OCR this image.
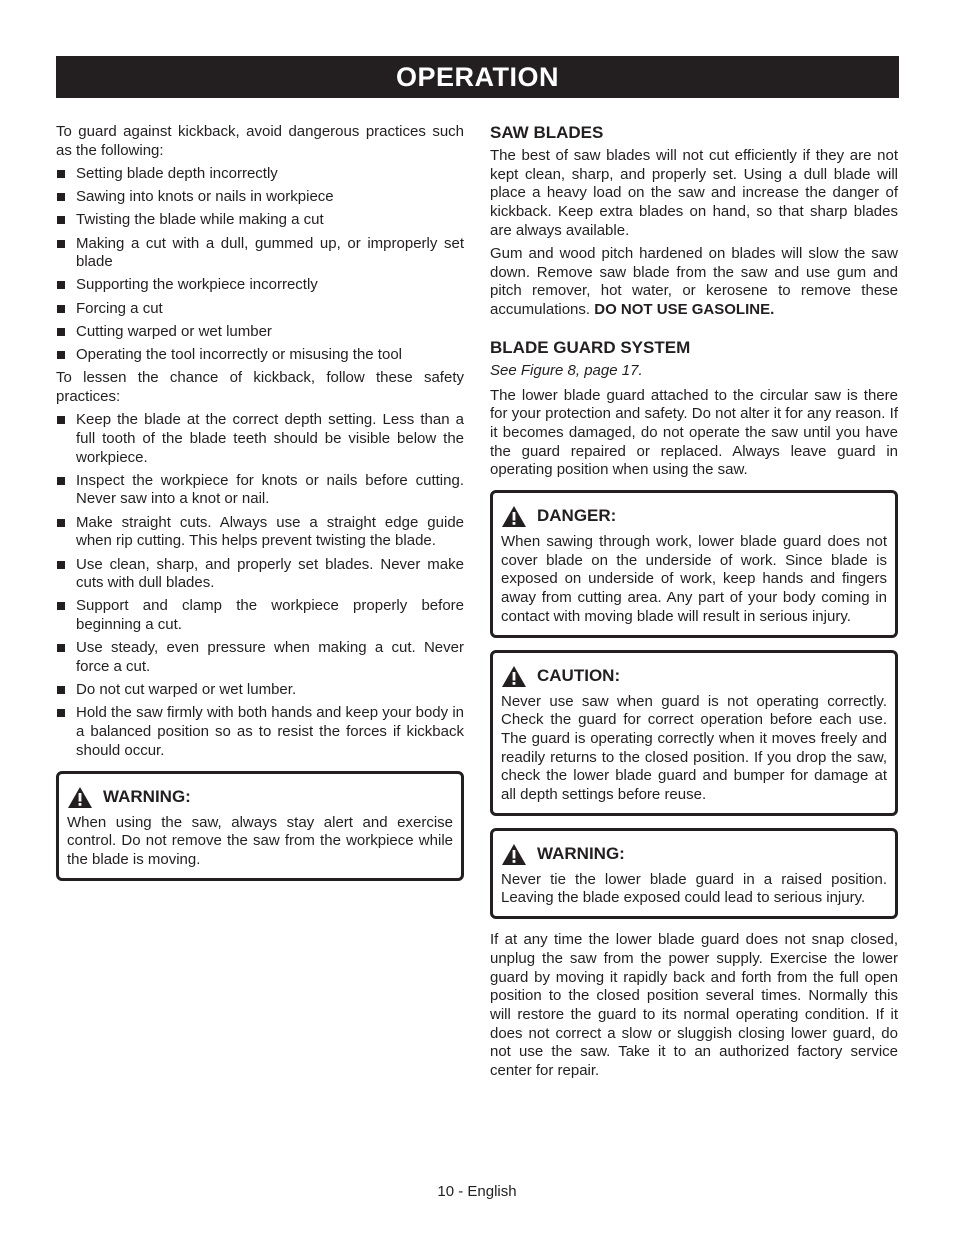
OPERATION

To guard against kickback, avoid dangerous practices such as the following:

Setting blade depth incorrectly
Sawing into knots or nails in workpiece
Twisting the blade while making a cut
Making a cut with a dull, gummed up, or improperly set blade
Supporting the workpiece incorrectly
Forcing a cut
Cutting warped or wet lumber
Operating the tool incorrectly or misusing the tool

To lessen the chance of kickback, follow these safety practices:

Keep the blade at the correct depth setting. Less than a full tooth of the blade teeth should be visible below the workpiece.
Inspect the workpiece for knots or nails before cutting. Never saw into a knot or nail.
Make straight cuts. Always use a straight edge guide when rip cutting. This helps prevent twisting the blade.
Use clean, sharp, and properly set blades. Never make cuts with dull blades.
Support and clamp the workpiece properly before beginning a cut.
Use steady, even pressure when making a cut. Never force a cut.
Do not cut warped or wet lumber.
Hold the saw firmly with both hands and keep your body in a balanced position so as to resist the forces if kickback should occur.
WARNING:

When using the saw, always stay alert and exercise control. Do not remove the saw from the workpiece while the blade is moving.

SAW BLADES

The best of saw blades will not cut efficiently if they are not kept clean, sharp, and properly set. Using a dull blade will place a heavy load on the saw and increase the danger of kickback. Keep extra blades on hand, so that sharp blades are always available.

Gum and wood pitch hardened on blades will slow the saw down. Remove saw blade from the saw and use gum and pitch remover, hot water, or kerosene to remove these accumulations. DO NOT USE GASOLINE.

BLADE GUARD SYSTEM

See Figure 8, page 17.

The lower blade guard attached to the circular saw is there for your protection and safety. Do not alter it for any reason. If it becomes damaged, do not operate the saw until you have the guard repaired or replaced. Always leave guard in operating position when using the saw.

DANGER:

When sawing through work, lower blade guard does not cover blade on the underside of work. Since blade is exposed on underside of work, keep hands and fingers away from cutting area. Any part of your body coming in contact with moving blade will result in serious injury.

CAUTION:

Never use saw when guard is not operating correctly. Check the guard for correct operation before each use. The guard is operating correctly when it moves freely and readily returns to the closed position. If you drop the saw, check the lower blade guard and bumper for damage at all depth settings before reuse.

WARNING:

Never tie the lower blade guard in a raised position. Leaving the blade exposed could lead to serious injury.

If at any time the lower blade guard does not snap closed, unplug the saw from the power supply. Exercise the lower guard by moving it rapidly back and forth from the full open position to the closed position several times. Normally this will restore the guard to its normal operating condition. If it does not correct a slow or sluggish closing lower guard, do not use the saw. Take it to an authorized factory service center for repair.

10 - English
